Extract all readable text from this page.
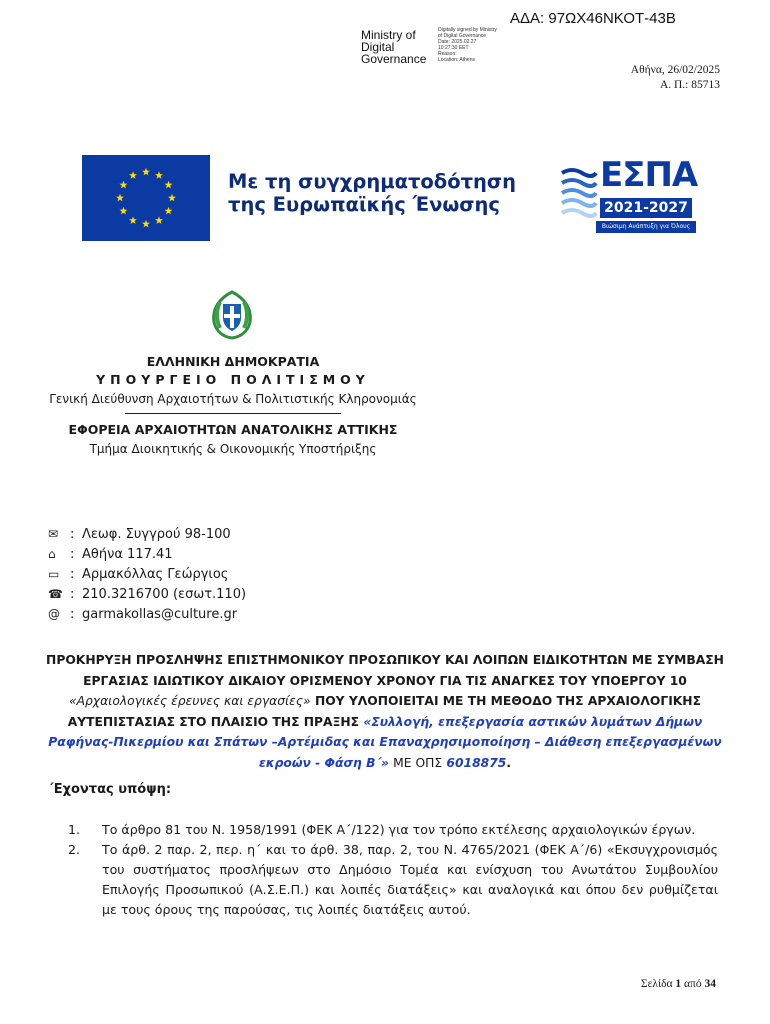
ΑΔΑ: 97ΩΧ46ΝΚΟΤ-43Β
Ministry of
Digital
Governance
Digitally signed by Ministry
of Digital Governance
Date: 2025.02.27
10:27:30 EET
Reason:
Location: Athens
Αθήνα, 26/02/2025
Α. Π.: 85713
Με τη συγχρηματοδότηση
της Ευρωπαϊκής Ένωσης
ΕΣΠΑ
2021-2027
Βιώσιμη Ανάπτυξη για Όλους
ΕΛΛΗΝΙΚΗ ΔΗΜΟΚΡΑΤΙΑ
ΥΠΟΥΡΓΕΙΟ ΠΟΛΙΤΙΣΜΟΥ
Γενική Διεύθυνση Αρχαιοτήτων & Πολιτιστικής Κληρονομιάς
ΕΦΟΡΕΙΑ ΑΡΧΑΙΟΤΗΤΩΝ ΑΝΑΤΟΛΙΚΗΣ ΑΤΤΙΚΗΣ
Τμήμα Διοικητικής & Οικονομικής Υποστήριξης
✉ : Λεωφ. Συγγρού 98-100
⌂	: Αθήνα 117.41
▭ : Αρμακόλλας Γεώργιος
☎ : 210.3216700 (εσωτ.110)
@ : garmakollas@culture.gr
ΠΡΟΚΗΡΥΞΗ ΠΡΟΣΛΗΨΗΣ ΕΠΙΣΤΗΜΟΝΙΚΟΥ ΠΡΟΣΩΠΙΚΟΥ ΚΑΙ ΛΟΙΠΩΝ ΕΙΔΙΚΟΤΗΤΩΝ ΜΕ ΣΥΜΒΑΣΗ ΕΡΓΑΣΙΑΣ ΙΔΙΩΤΙΚΟΥ ΔΙΚΑΙΟΥ ΟΡΙΣΜΕΝΟΥ ΧΡΟΝΟΥ ΓΙΑ ΤΙΣ ΑΝΑΓΚΕΣ ΤΟΥ ΥΠΟΕΡΓΟΥ 10 «Αρχαιολογικές έρευνες και εργασίες» ΠΟΥ ΥΛΟΠΟΙΕΙΤΑΙ ΜΕ ΤΗ ΜΕΘΟΔΟ ΤΗΣ ΑΡΧΑΙΟΛΟΓΙΚΗΣ ΑΥΤΕΠΙΣΤΑΣΙΑΣ ΣΤΟ ΠΛΑΙΣΙΟ ΤΗΣ ΠΡΑΞΗΣ «Συλλογή, επεξεργασία αστικών λυμάτων Δήμων Ραφήνας-Πικερμίου και Σπάτων –Αρτέμιδας και Επαναχρησιμοποίηση – Διάθεση επεξεργασμένων εκροών - Φάση Β΄» ΜΕ ΟΠΣ 6018875.
΄Εχοντας υπόψη:
1.	Το άρθρο 81 του Ν. 1958/1991 (ΦΕΚ Α΄/122) για τον τρόπο εκτέλεσης αρχαιολογικών έργων.
2.	Το άρθ. 2 παρ. 2, περ. η΄ και το άρθ. 38, παρ. 2, του Ν. 4765/2021 (ΦΕΚ Α΄/6) «Εκσυγχρονισμός του συστήματος προσλήψεων στο Δημόσιο Τομέα και ενίσχυση του Ανωτάτου Συμβουλίου Επιλογής Προσωπικού (Α.Σ.Ε.Π.) και λοιπές διατάξεις» και αναλογικά και όπου δεν ρυθμίζεται με τους όρους της παρούσας, τις λοιπές διατάξεις αυτού.
Σελίδα 1 από 34
